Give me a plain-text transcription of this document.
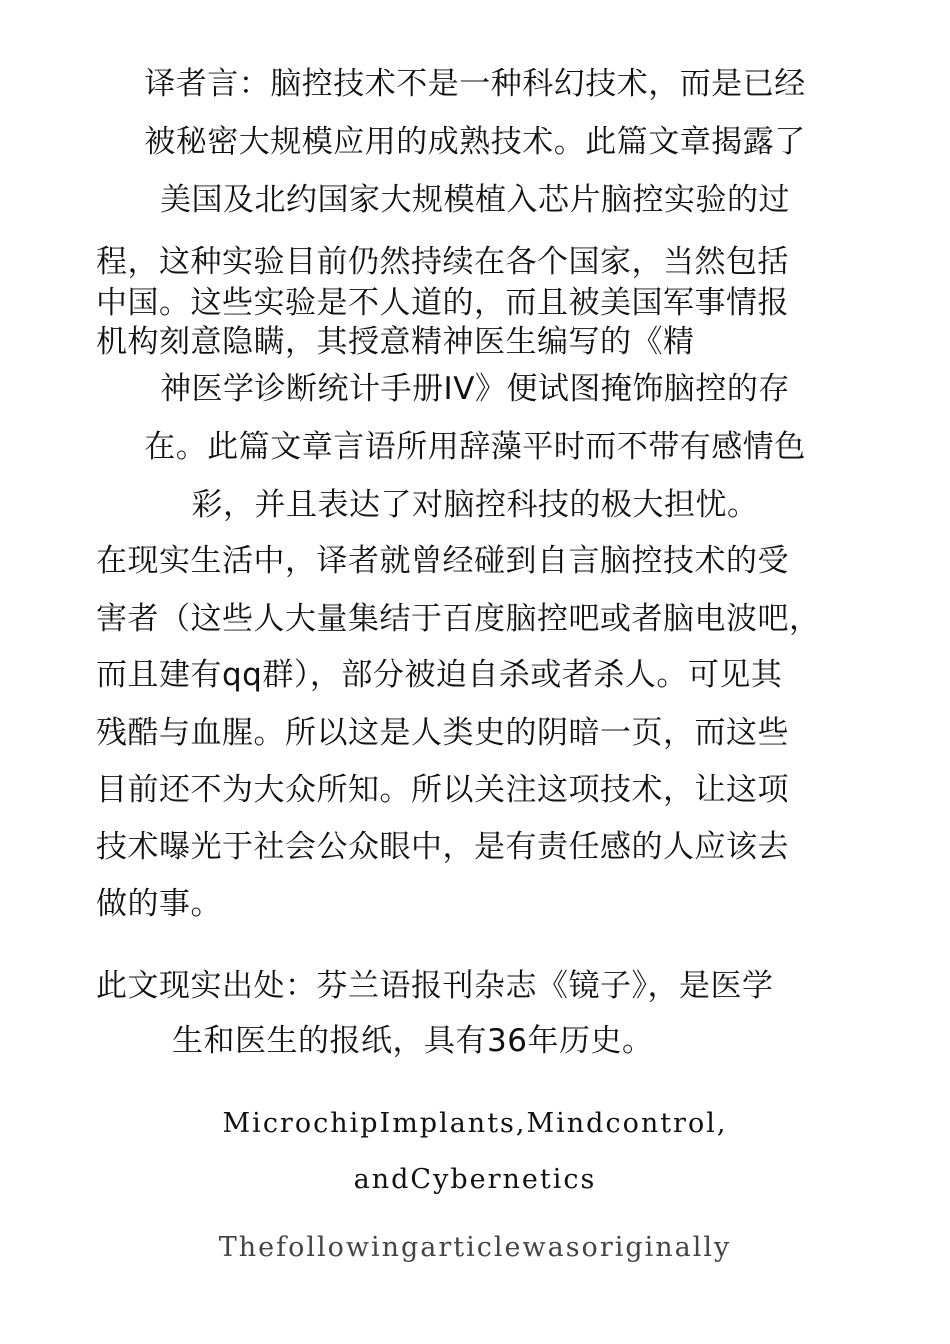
译者言：脑控技术不是一种科幻技术，而是已经
被秘密大规模应用的成熟技术。此篇文章揭露了
美国及北约国家大规模植入芯片脑控实验的过
程，这种实验目前仍然持续在各个国家，当然包括
中国。这些实验是不人道的，而且被美国军事情报
机构刻意隐瞒，其授意精神医生编写的《精
神医学诊断统计手册IV》便试图掩饰脑控的存
在。此篇文章言语所用辞藻平时而不带有感情色
彩，并且表达了对脑控科技的极大担忧。
在现实生活中，译者就曾经碰到自言脑控技术的受
害者（这些人大量集结于百度脑控吧或者脑电波吧，
而且建有qq群），部分被迫自杀或者杀人。可见其
残酷与血腥。所以这是人类史的阴暗一页，而这些
目前还不为大众所知。所以关注这项技术，让这项
技术曝光于社会公众眼中，是有责任感的人应该去
做的事。
此文现实出处：芬兰语报刊杂志《镜子》，是医学
生和医生的报纸，具有36年历史。
MicrochipImplants,Mindcontrol,
andCybernetics
Thefollowingarticlewasoriginally
